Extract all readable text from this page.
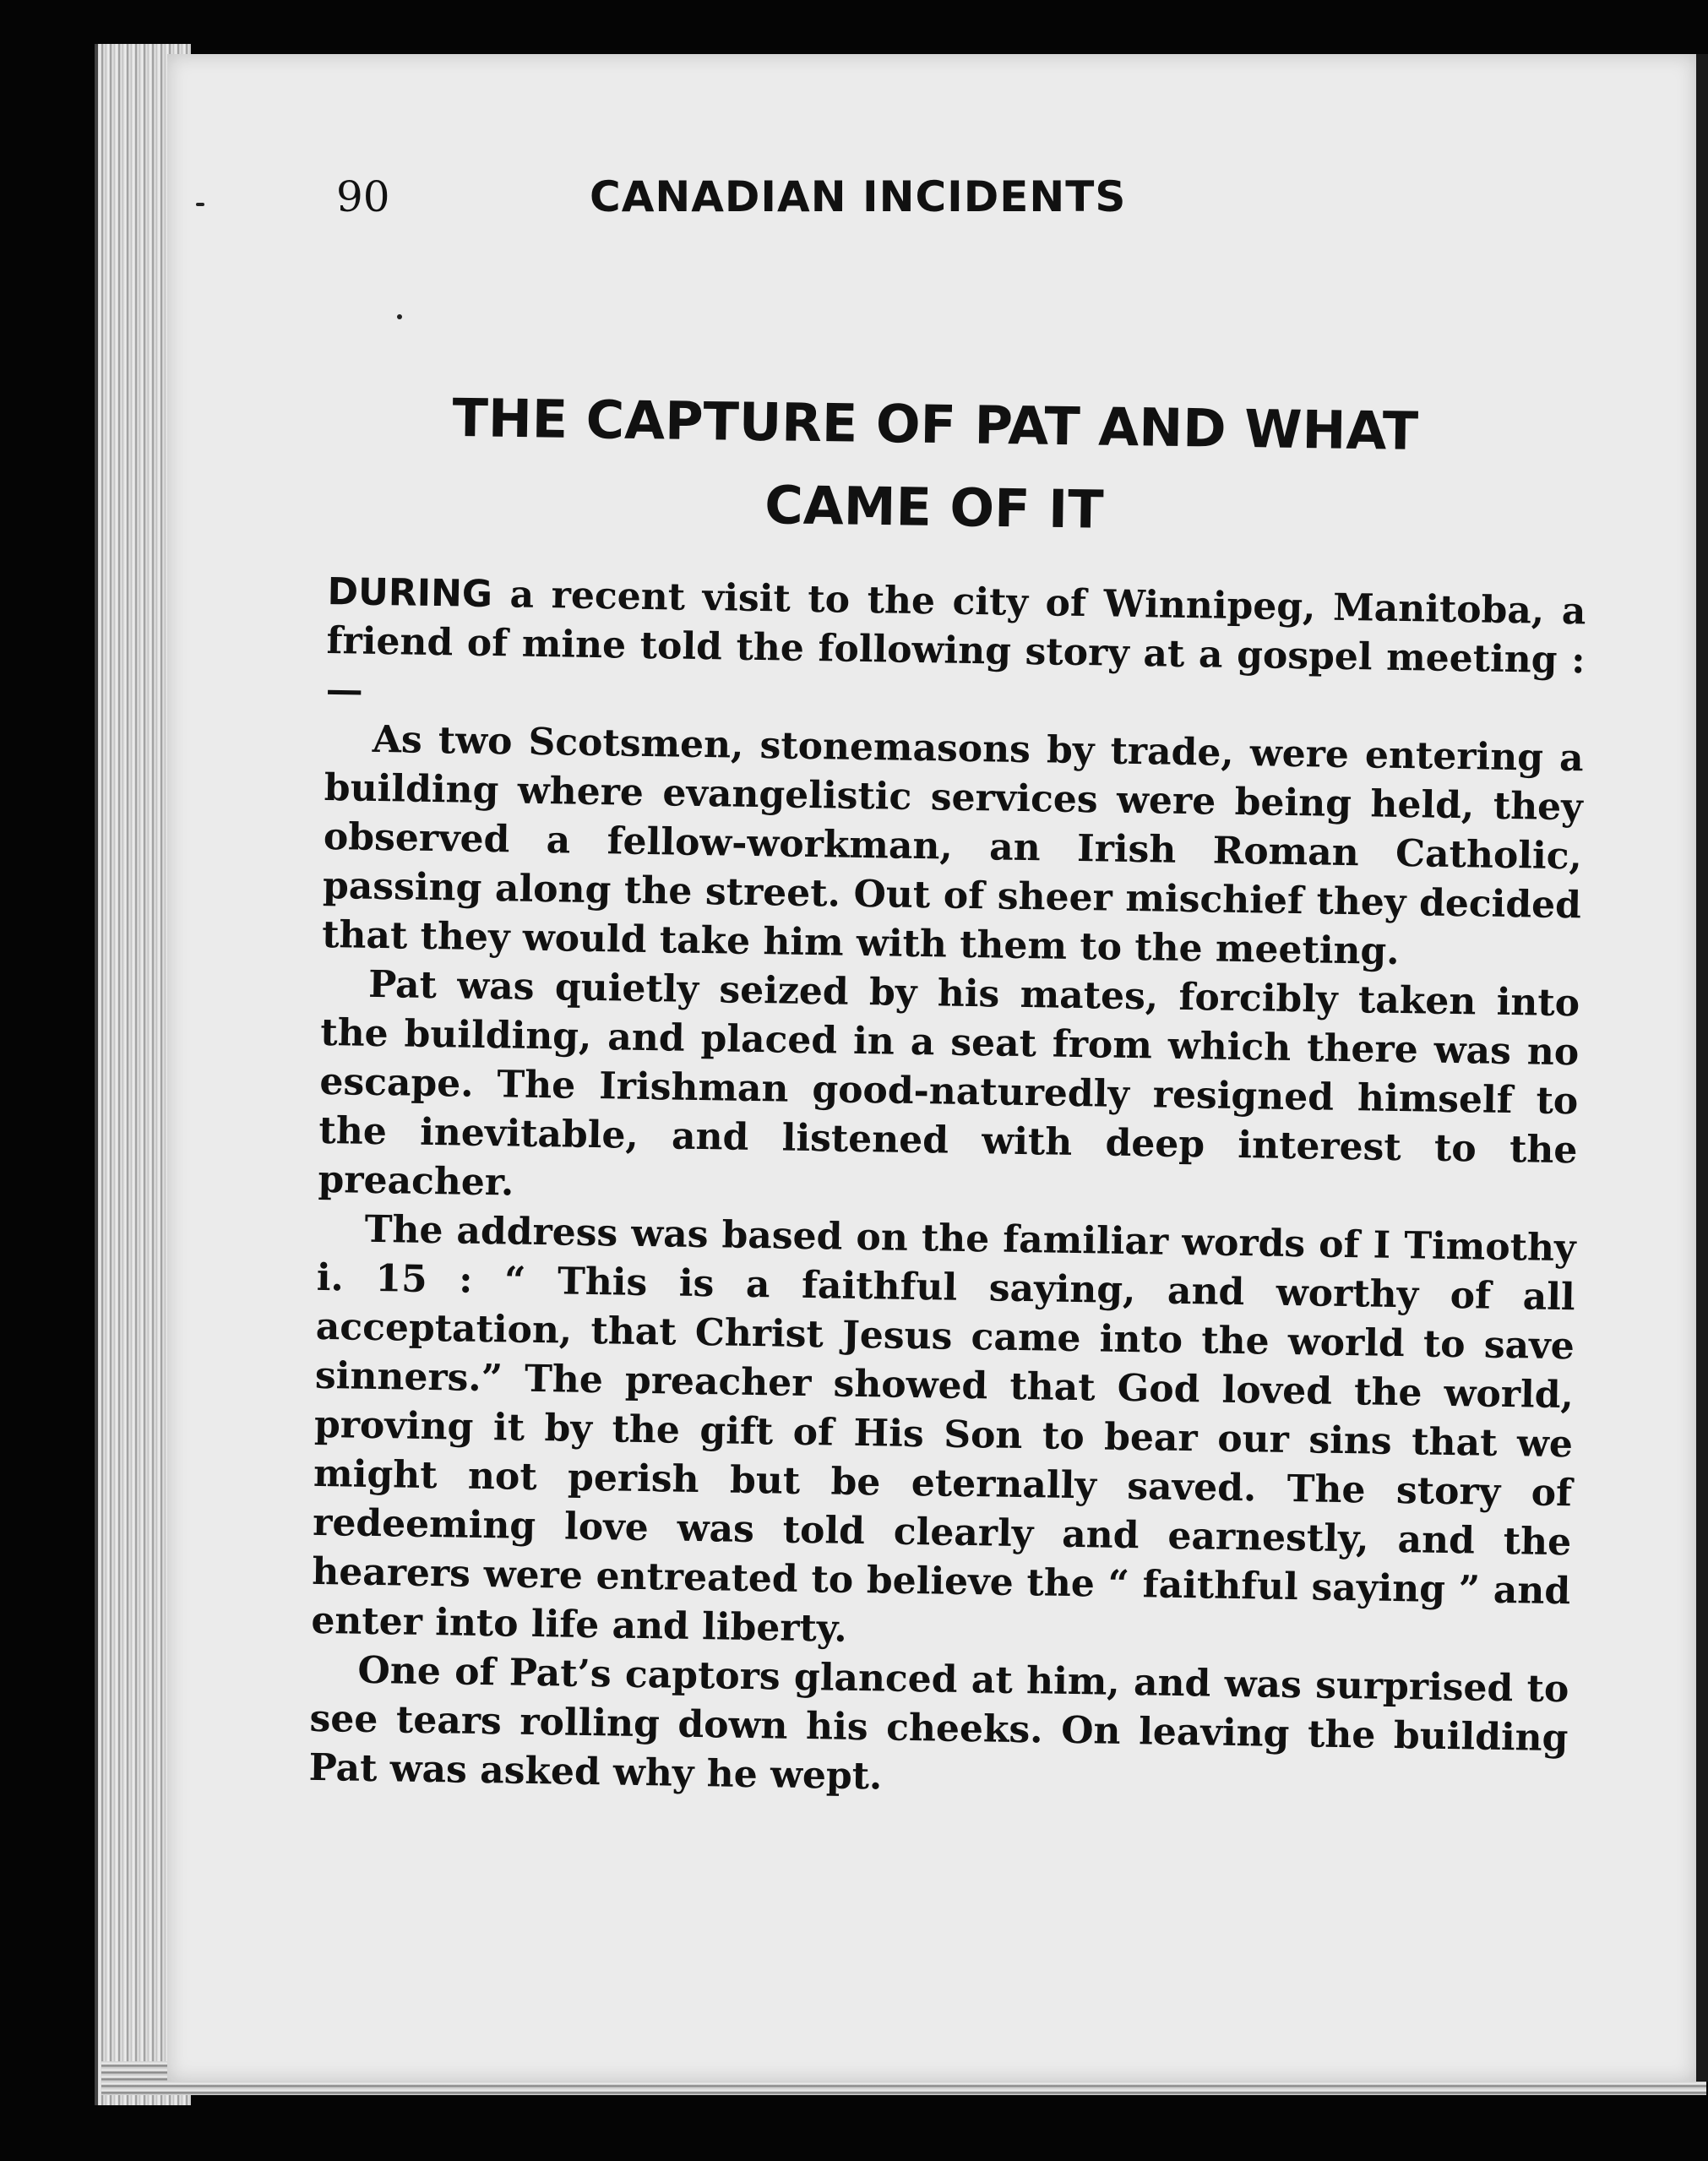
90	CANADIAN INCIDENTS
THE CAPTURE OF PAT AND WHAT
CAME OF IT

DURING a recent visit to the city of Winnipeg, Manitoba, a friend of mine told the following story at a gospel meeting :—

As two Scotsmen, stonemasons by trade, were entering a building where evangelistic services were being held, they observed a fellow-workman, an Irish Roman Catholic, passing along the street. Out of sheer mischief they decided that they would take him with them to the meeting.

Pat was quietly seized by his mates, forcibly taken into the building, and placed in a seat from which there was no escape. The Irishman good-naturedly resigned himself to the inevitable, and listened with deep interest to the preacher.

The address was based on the familiar words of I Timothy i. 15 : “ This is a faithful saying, and worthy of all acceptation, that Christ Jesus came into the world to save sinners.” The preacher showed that God loved the world, proving it by the gift of His Son to bear our sins that we might not perish but be eternally saved. The story of redeeming love was told clearly and earnestly, and the hearers were entreated to believe the “ faithful saying ” and enter into life and liberty.

One of Pat’s captors glanced at him, and was surprised to see tears rolling down his cheeks. On leaving the building Pat was asked why he wept.
